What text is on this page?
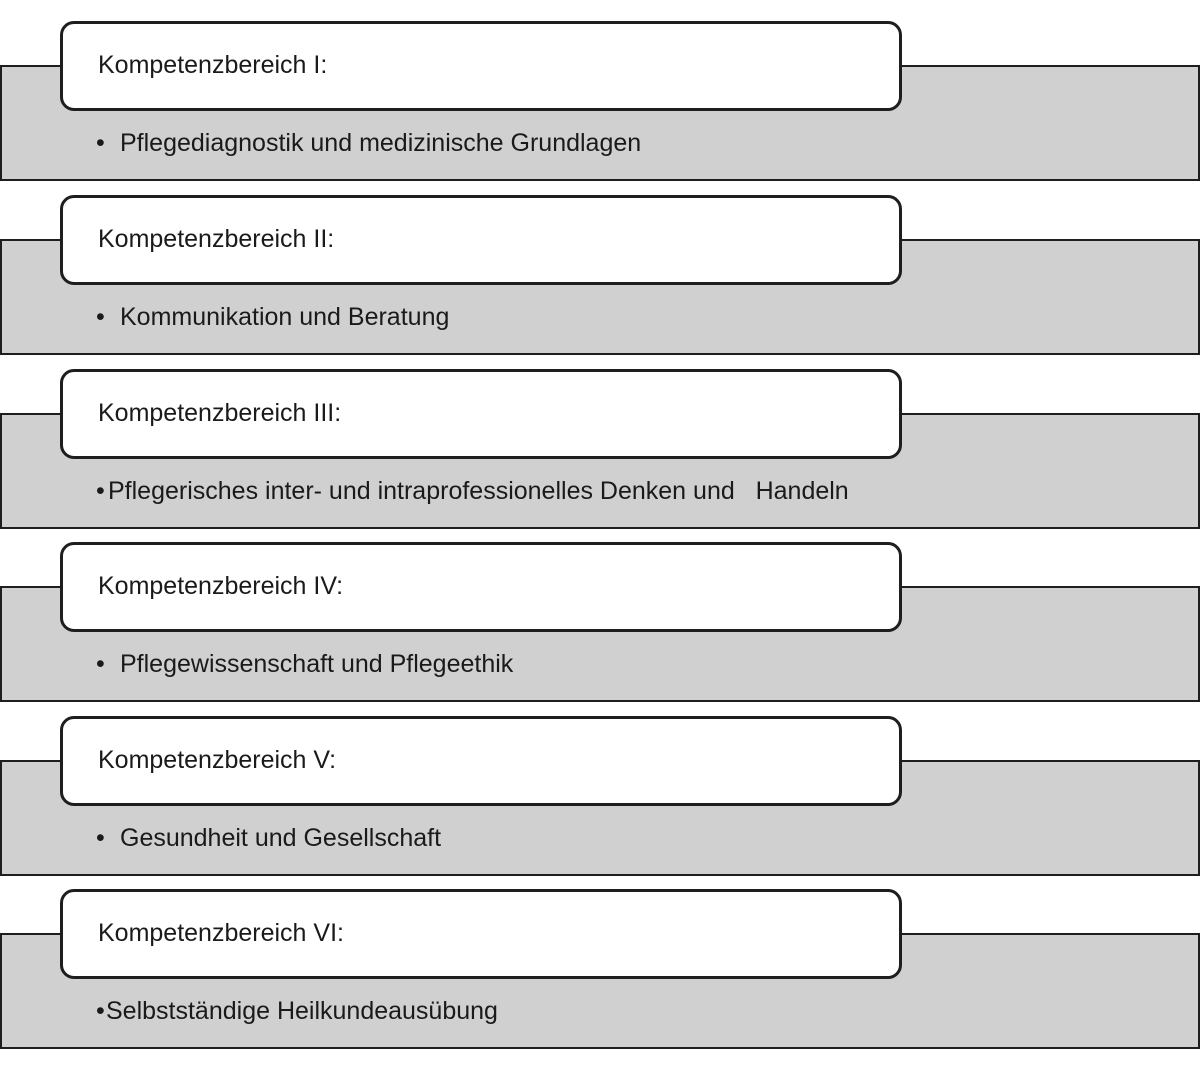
• Pflegediagnostik und medizinische Grundlagen
Kompetenzbereich I:
• Kommunikation und Beratung
Kompetenzbereich II:
• Pflegerisches inter- und intraprofessionelles Denken und   Handeln
Kompetenzbereich III:
• Pflegewissenschaft und Pflegeethik
Kompetenzbereich IV:
• Gesundheit und Gesellschaft
Kompetenzbereich V:
•Selbstständige Heilkundeausübung
Kompetenzbereich VI:
